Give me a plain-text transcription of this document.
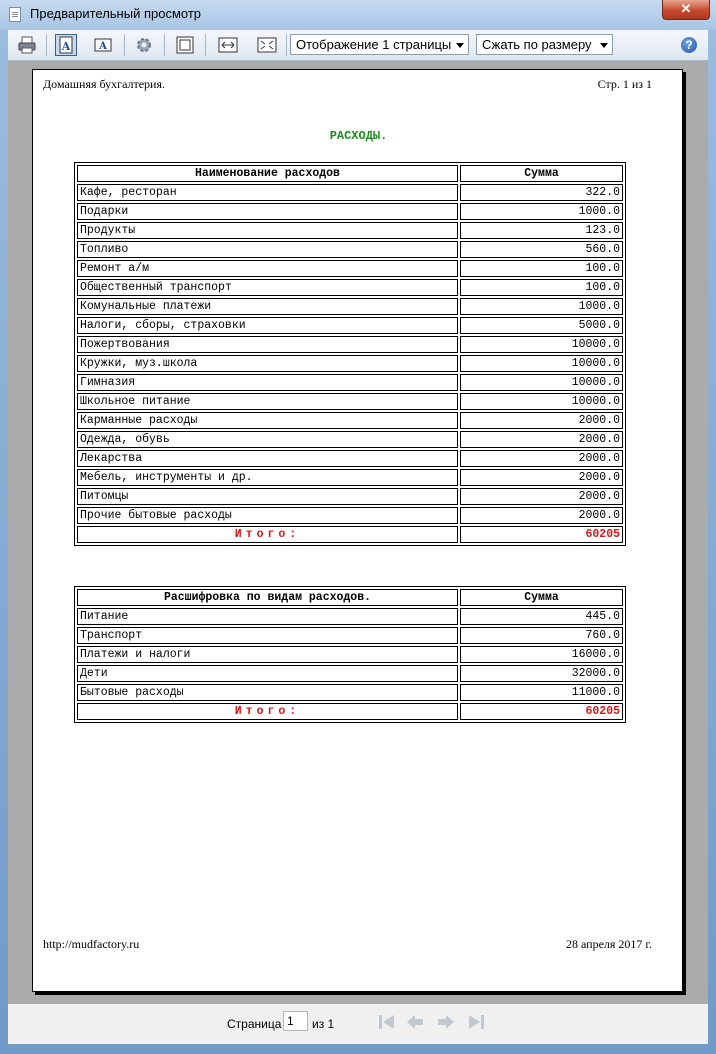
Предварительный просмотр	✕
A	A	Отображение 1 страницы	Сжать по размеру	?
Домашняя бухгалтерия.	Стр. 1 из 1
РАСХОДЫ.
Наименование расходов	Сумма
Кафе, ресторан	322.0
Подарки	1000.0
Продукты	123.0
Топливо	560.0
Ремонт а/м	100.0
Общественный транспорт	100.0
Комунальные платежи	1000.0
Налоги, сборы, страховки	5000.0
Пожертвования	10000.0
Кружки, муз.школа	10000.0
Гимназия	10000.0
Школьное питание	10000.0
Карманные расходы	2000.0
Одежда, обувь	2000.0
Лекарства	2000.0
Мебель, инструменты и др.	2000.0
Питомцы	2000.0
Прочие бытовые расходы	2000.0
Итого:	60205
Расшифровка по видам расходов.	Сумма
Питание	445.0
Транспорт	760.0
Платежи и налоги	16000.0
Дети	32000.0
Бытовые расходы	11000.0
Итого:	60205
http://mudfactory.ru	28 апреля 2017 г.
Страница 1	из 1
